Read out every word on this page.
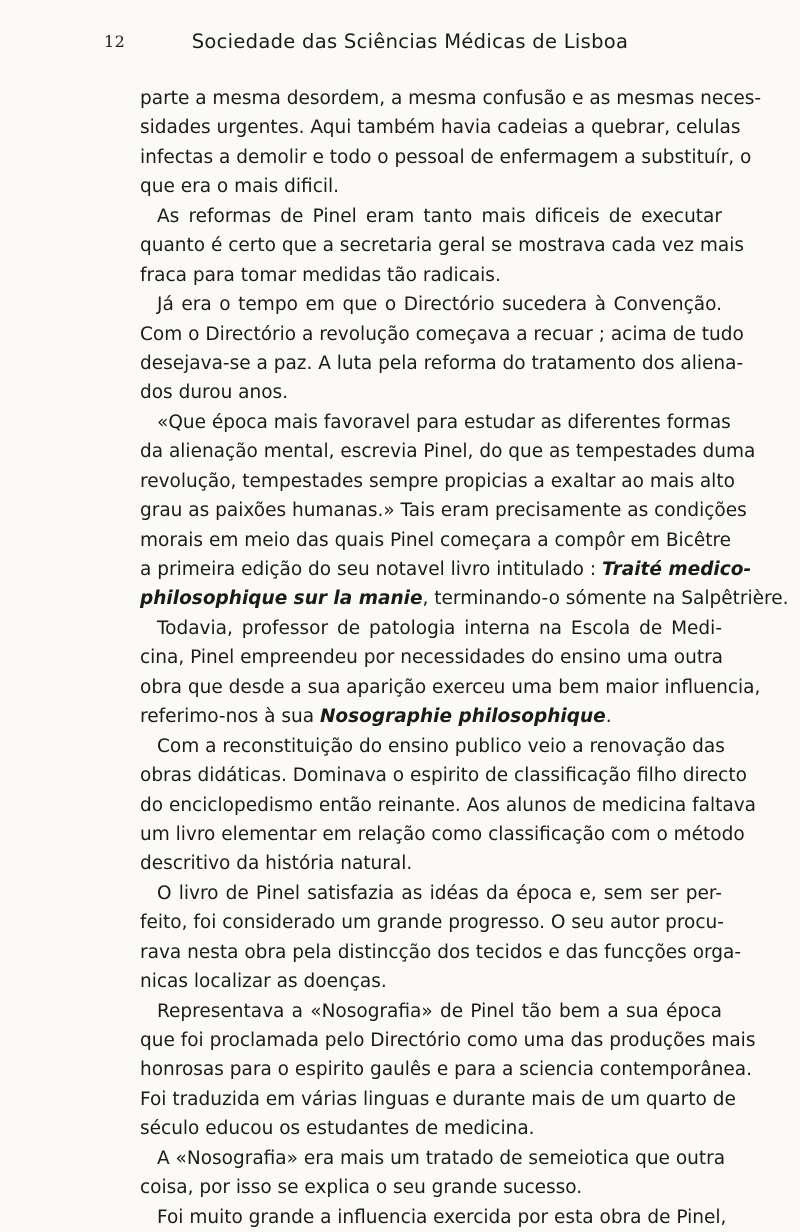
12	Sociedade das Sciências Médicas de Lisboa
parte a mesma desordem, a mesma confusão e as mesmas neces-
sidades urgentes. Aqui também havia cadeias a quebrar, celulas
infectas a demolir e todo o pessoal de enfermagem a substituír, o
que era o mais dificil.
As reformas de Pinel eram tanto mais dificeis de executar
quanto é certo que a secretaria geral se mostrava cada vez mais
fraca para tomar medidas tão radicais.
Já era o tempo em que o Directório sucedera à Convenção.
Com o Directório a revolução começava a recuar ; acima de tudo
desejava-se a paz. A luta pela reforma do tratamento dos aliena-
dos durou anos.
«Que época mais favoravel para estudar as diferentes formas
da alienação mental, escrevia Pinel, do que as tempestades duma
revolução, tempestades sempre propicias a exaltar ao mais alto
grau as paixões humanas.» Tais eram precisamente as condições
morais em meio das quais Pinel começara a compôr em Bicêtre
a primeira edição do seu notavel livro intitulado : Traité medico-
philosophique sur la manie, terminando-o sómente na Salpêtrière.
Todavia, professor de patologia interna na Escola de Medi-
cina, Pinel empreendeu por necessidades do ensino uma outra
obra que desde a sua aparição exerceu uma bem maior influencia,
referimo-nos à sua Nosographie philosophique.
Com a reconstituição do ensino publico veio a renovação das
obras didáticas. Dominava o espirito de classificação filho directo
do enciclopedismo então reinante. Aos alunos de medicina faltava
um livro elementar em relação como classificação com o método
descritivo da história natural.
O livro de Pinel satisfazia as idéas da época e, sem ser per-
feito, foi considerado um grande progresso. O seu autor procu-
rava nesta obra pela distincção dos tecidos e das funcções orga-
nicas localizar as doenças.
Representava a «Nosografia» de Pinel tão bem a sua época
que foi proclamada pelo Directório como uma das produções mais
honrosas para o espirito gaulês e para a sciencia contemporânea.
Foi traduzida em várias linguas e durante mais de um quarto de
século educou os estudantes de medicina.
A «Nosografia» era mais um tratado de semeiotica que outra
coisa, por isso se explica o seu grande sucesso.
Foi muito grande a influencia exercida por esta obra de Pinel,
